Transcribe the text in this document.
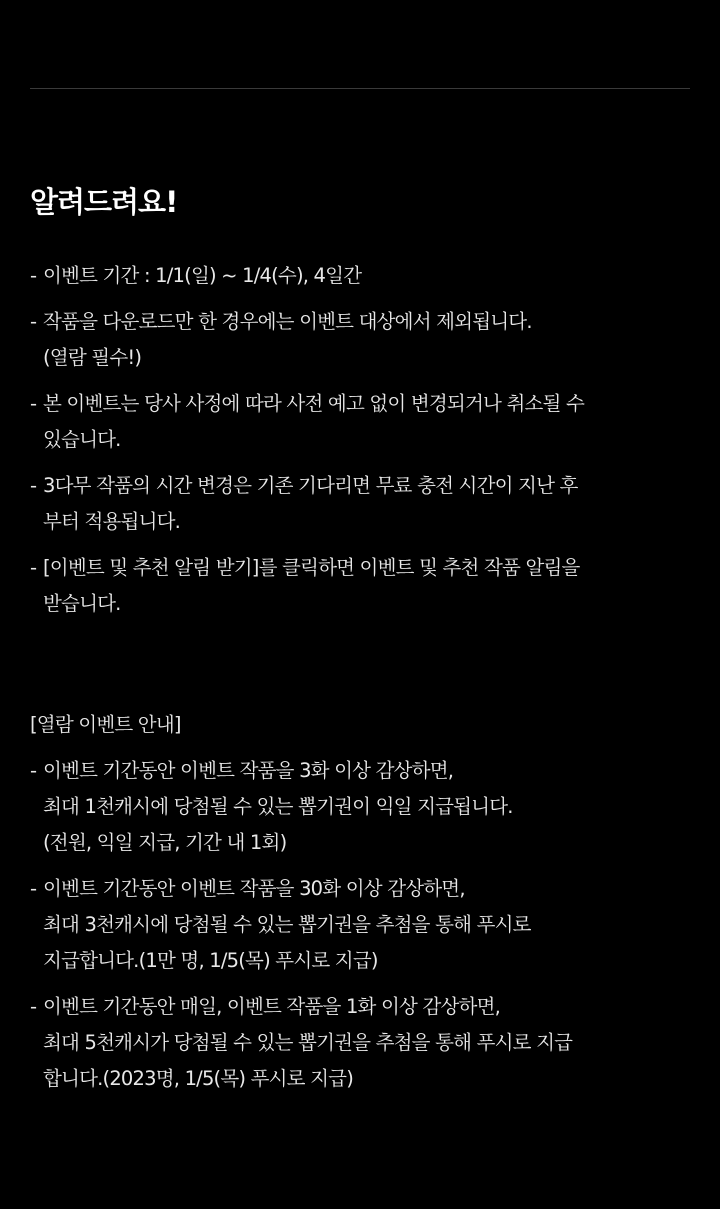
알려드려요!
- 이벤트 기간 : 1/1(일) ~ 1/4(수), 4일간
- 작품을 다운로드만 한 경우에는 이벤트 대상에서 제외됩니다.
(열람 필수!)
- 본 이벤트는 당사 사정에 따라 사전 예고 없이 변경되거나 취소될 수
있습니다.
- 3다무 작품의 시간 변경은 기존 기다리면 무료 충전 시간이 지난 후
부터 적용됩니다.
- [이벤트 및 추천 알림 받기]를 클릭하면 이벤트 및 추천 작품 알림을
받습니다.
[열람 이벤트 안내]
- 이벤트 기간동안 이벤트 작품을 3화 이상 감상하면,
최대 1천캐시에 당첨될 수 있는 뽑기권이 익일 지급됩니다.
(전원, 익일 지급, 기간 내 1회)
- 이벤트 기간동안 이벤트 작품을 30화 이상 감상하면,
최대 3천캐시에 당첨될 수 있는 뽑기권을 추첨을 통해 푸시로
지급합니다.(1만 명, 1/5(목) 푸시로 지급)
- 이벤트 기간동안 매일, 이벤트 작품을 1화 이상 감상하면,
최대 5천캐시가 당첨될 수 있는 뽑기권을 추첨을 통해 푸시로 지급
합니다.(2023명, 1/5(목) 푸시로 지급)
